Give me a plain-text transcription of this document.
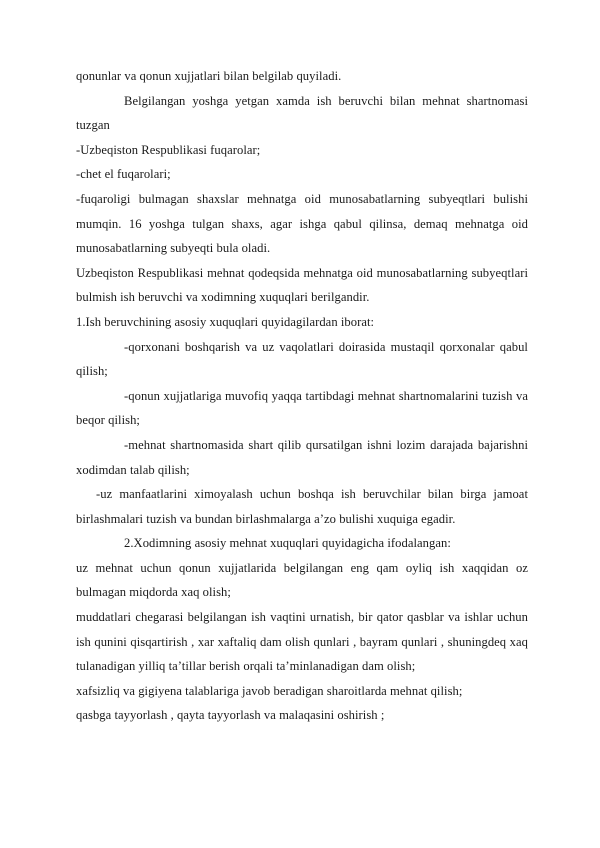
qonunlar va qonun xujjatlari bilan belgilab quyiladi.

Belgilangan yoshga yetgan xamda ish beruvchi bilan mehnat shartnomasi tuzgan

-Uzbeqiston Respublikasi fuqarolar;

-chet el fuqarolari;

-fuqaroligi bulmagan shaxslar mehnatga oid munosabatlarning subyeqtlari bulishi mumqin. 16 yoshga tulgan shaxs, agar ishga qabul qilinsa, demaq mehnatga oid munosabatlarning subyeqti bula oladi.

Uzbeqiston Respublikasi mehnat qodeqsida mehnatga oid munosabatlarning subyeqtlari bulmish ish beruvchi va xodimning xuquqlari berilgandir.

1.Ish beruvchining asosiy xuquqlari quyidagilardan iborat:

-qorxonani boshqarish va uz vaqolatlari doirasida mustaqil qorxonalar qabul qilish;

-qonun xujjatlariga muvofiq yaqqa tartibdagi mehnat shartnomalarini tuzish va beqor qilish;

-mehnat shartnomasida shart qilib qursatilgan ishni lozim darajada bajarishni xodimdan talab qilish;

-uz manfaatlarini ximoyalash uchun boshqa ish beruvchilar bilan birga jamoat birlashmalari tuzish va bundan birlashmalarga a’zo bulishi xuquiga egadir.

2.Xodimning asosiy mehnat xuquqlari quyidagicha ifodalangan:

uz mehnat uchun qonun xujjatlarida belgilangan eng qam oyliq ish xaqqidan oz bulmagan miqdorda xaq olish;

muddatlari chegarasi belgilangan ish vaqtini urnatish, bir qator qasblar va ishlar uchun ish qunini qisqartirish , xar xaftaliq dam olish qunlari , bayram qunlari , shuningdeq xaq tulanadigan yilliq ta’tillar berish orqali ta’minlanadigan dam olish;

xafsizliq va gigiyena talablariga javob beradigan sharoitlarda mehnat qilish;

qasbga tayyorlash , qayta tayyorlash va malaqasini oshirish ;
